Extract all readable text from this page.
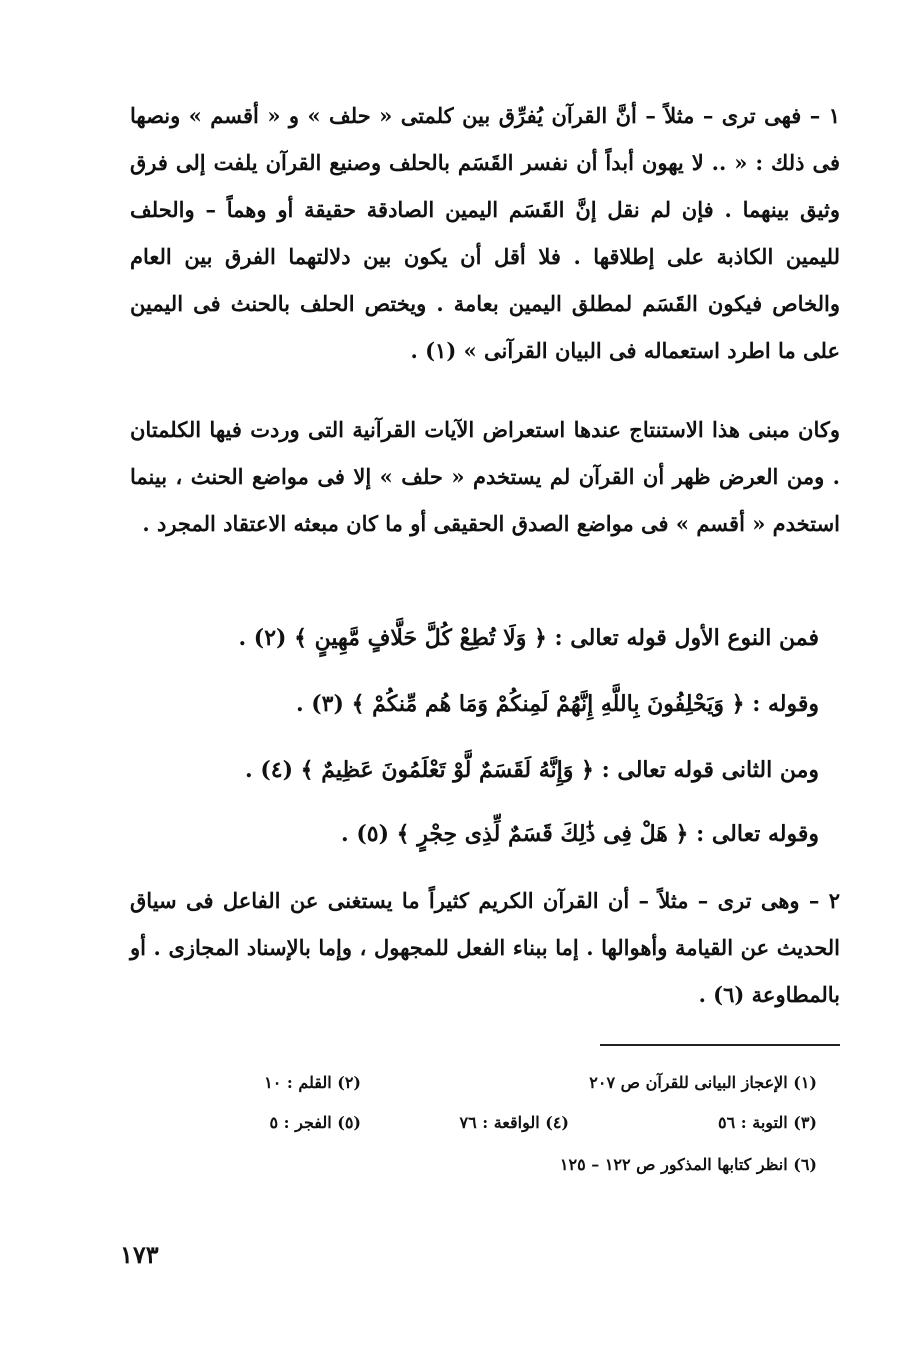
١ – فهى ترى – مثلاً – أنَّ القرآن يُفرِّق بين كلمتى « حلف » و « أقسم » ونصها فى ذلك : « .. لا يهون أبداً أن نفسر القَسَم بالحلف وصنيع القرآن يلفت إلى فرق وثيق بينهما . فإن لم نقل إنَّ القَسَم اليمين الصادقة حقيقة أو وهماً – والحلف لليمين الكاذبة على إطلاقها . فلا أقل أن يكون بين دلالتهما الفرق بين العام والخاص فيكون القَسَم لمطلق اليمين بعامة . ويختص الحلف بالحنث فى اليمين على ما اطرد استعماله فى البيان القرآنى » (١) .

وكان مبنى هذا الاستنتاج عندها استعراض الآيات القرآنية التى وردت فيها الكلمتان . ومن العرض ظهر أن القرآن لم يستخدم « حلف » إلا فى مواضع الحنث ، بينما استخدم « أقسم » فى مواضع الصدق الحقيقى أو ما كان مبعثه الاعتقاد المجرد .

فمن النوع الأول قوله تعالى : ﴿ وَلَا تُطِعْ كُلَّ حَلَّافٍ مَّهِينٍ ﴾ (٢) .
وقوله : ﴿ وَيَحْلِفُونَ بِاللَّهِ إِنَّهُمْ لَمِنكُمْ وَمَا هُم مِّنكُمْ ﴾ (٣) .
ومن الثانى قوله تعالى : ﴿ وَإِنَّهُ لَقَسَمٌ لَّوْ تَعْلَمُونَ عَظِيمٌ ﴾ (٤) .
وقوله تعالى : ﴿ هَلْ فِى ذَٰلِكَ قَسَمٌ لِّذِى حِجْرٍ ﴾ (٥) .

٢ – وهى ترى – مثلاً – أن القرآن الكريم كثيراً ما يستغنى عن الفاعل فى سياق الحديث عن القيامة وأهوالها . إما ببناء الفعل للمجهول ، وإما بالإسناد المجازى . أو بالمطاوعة (٦) .

(١) الإعجاز البيانى للقرآن ص ٢٠٧
(٢) القلم : ١٠
(٣) التوبة : ٥٦
(٤) الواقعة : ٧٦
(٥) الفجر : ٥
(٦) انظر كتابها المذكور ص ١٢٢ – ١٢٥
١٧٣
